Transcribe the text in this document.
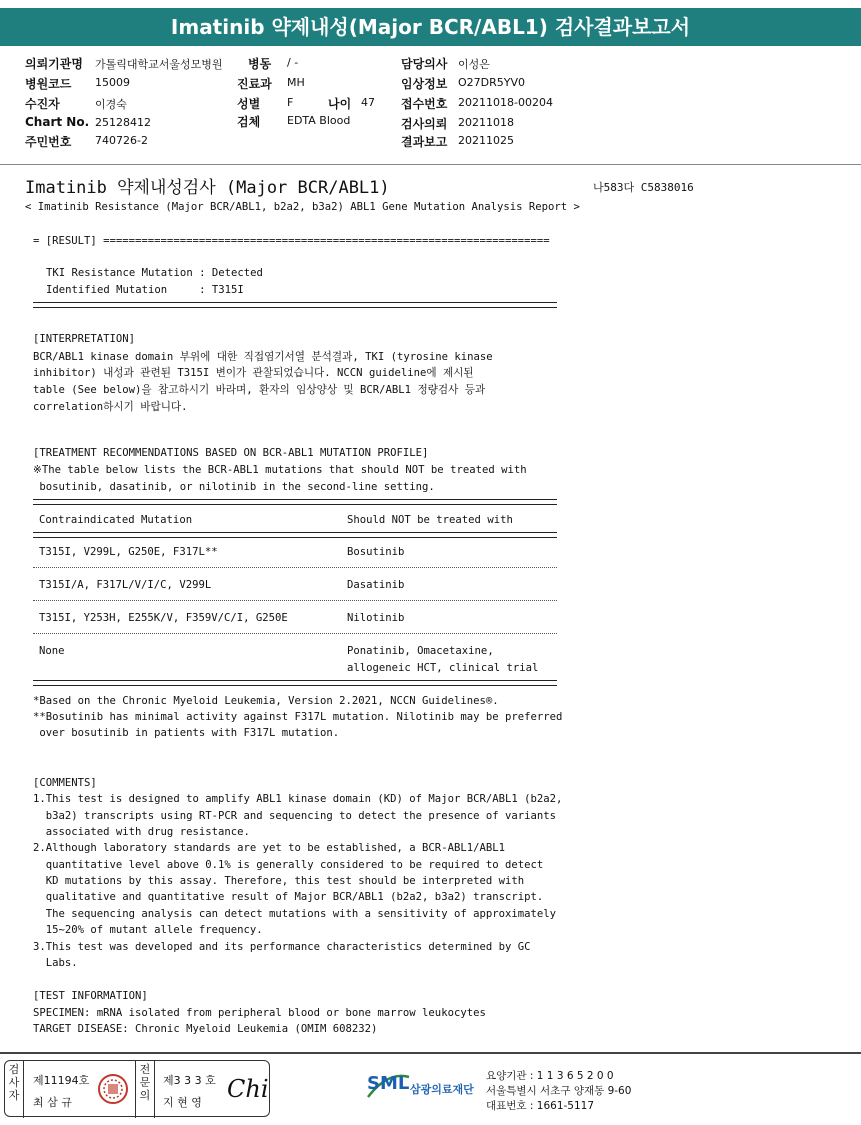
Imatinib 약제내성(Major BCR/ABL1) 검사결과보고서
의뢰기관명 가톨릭대학교서울성모병원 병동 / -	담당의사 이성은
병원코드 15009	진료과 MH	임상정보 O27DR5YV0
수진자	이경숙	성별 F	나이 47 접수번호 20211018-00204
Chart No. 25128412	검체 EDTA Blood	검사의뢰 20211018
주민번호 740726-2	결과보고 20211025
Imatinib 약제내성검사 (Major BCR/ABL1)	나583다 C5838016
< Imatinib Resistance (Major BCR/ABL1, b2a2, b3a2) ABL1 Gene Mutation Analysis Report >
= [RESULT] ======================================================================
TKI Resistance Mutation : Detected
Identified Mutation     : T315I
[INTERPRETATION]
BCR/ABL1 kinase domain 부위에 대한 직접염기서열 분석결과, TKI (tyrosine kinase
inhibitor) 내성과 관련된 T315I 변이가 관찰되었습니다. NCCN guideline에 제시된
table (See below)을 참고하시기 바라며, 환자의 임상양상 및 BCR/ABL1 정량검사 등과
correlation하시기 바랍니다.
[TREATMENT RECOMMENDATIONS BASED ON BCR-ABL1 MUTATION PROFILE]
※The table below lists the BCR-ABL1 mutations that should NOT be treated with
bosutinib, dasatinib, or nilotinib in the second-line setting.
Contraindicated Mutation	Should NOT be treated with
T315I, V299L, G250E, F317L**	Bosutinib
T315I/A, F317L/V/I/C, V299L	Dasatinib
T315I, Y253H, E255K/V, F359V/C/I, G250E	Nilotinib
None	Ponatinib, Omacetaxine,
allogeneic HCT, clinical trial
*Based on the Chronic Myeloid Leukemia, Version 2.2021, NCCN Guidelines®.
**Bosutinib has minimal activity against F317L mutation. Nilotinib may be preferred
over bosutinib in patients with F317L mutation.
[COMMENTS]
1.This test is designed to amplify ABL1 kinase domain (KD) of Major BCR/ABL1 (b2a2,
b3a2) transcripts using RT-PCR and sequencing to detect the presence of variants
associated with drug resistance.
2.Although laboratory standards are yet to be established, a BCR-ABL1/ABL1
quantitative level above 0.1% is generally considered to be required to detect
KD mutations by this assay. Therefore, this test should be interpreted with
qualitative and quantitative result of Major BCR/ABL1 (b2a2, b3a2) transcript.
The sequencing analysis can detect mutations with a sensitivity of approximately
15~20% of mutant allele frequency.
3.This test was developed and its performance characteristics determined by GC
Labs.
[TEST INFORMATION]
SPECIMEN: mRNA isolated from peripheral blood or bone marrow leukocytes
TARGET DISEASE: Chronic Myeloid Leukemia (OMIM 608232)
검
사
자
제11194호
최 삼 규
전
문
의
제3 3 3 호
지 현 영 Chi	SML 삼광의료재단
요양기관 : 1 1 3 6 5 2 0 0
서울특별시 서초구 양재동 9-60
대표번호 : 1661-5117
